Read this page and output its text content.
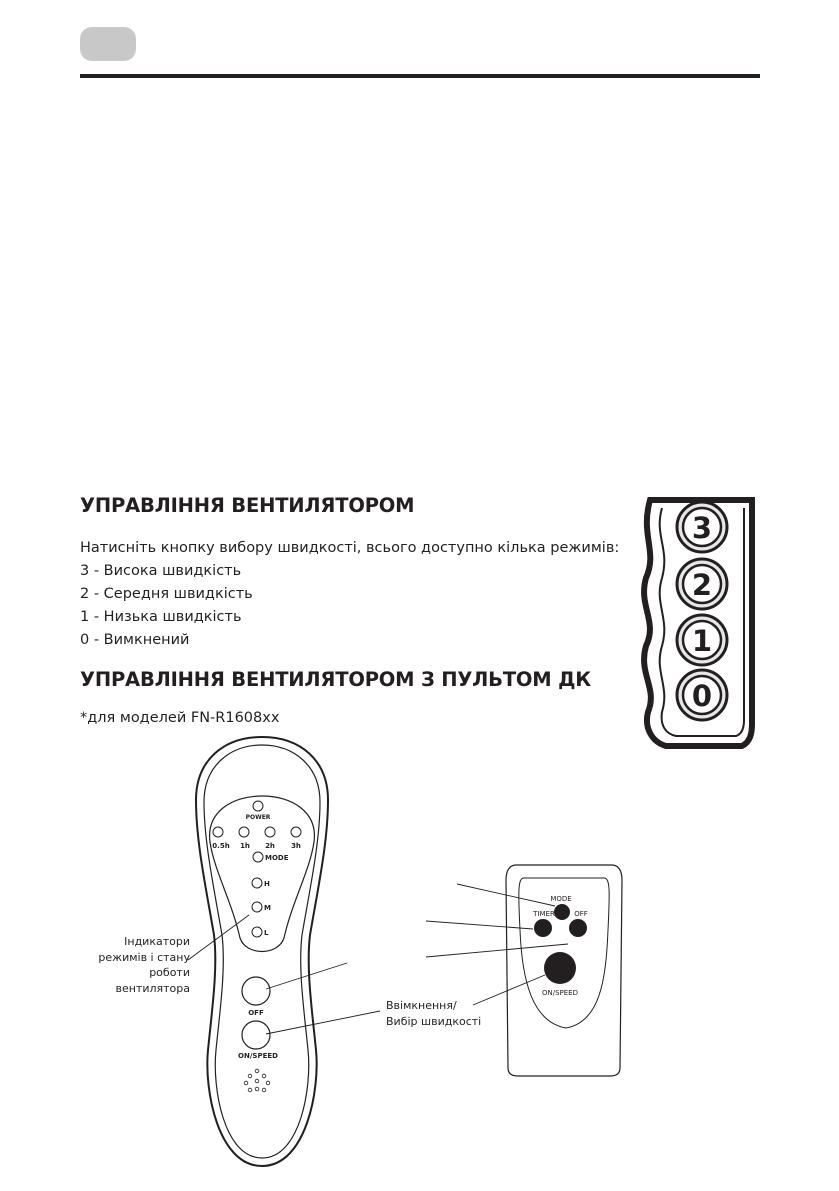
УПРАВЛІННЯ ВЕНТИЛЯТОРОМ

Натисніть кнопку вибору швидкості, всього доступно кілька режимів:

3 - Висока швидкість
2 - Середня швидкість
1 - Низька швидкість
0 - Вимкнений
УПРАВЛІННЯ ВЕНТИЛЯТОРОМ З ПУЛЬТОМ ДК

*для моделей FN-R1608xx

3
2
1
0
POWER
0.5h 1h 2h 3h
MODE
H
M
L
OFF
ON/SPEED
MODE
TIMER	OFF
ON/SPEED
Індикатори
режимів і стану
роботи
вентилятора
Ввімкнення/
Вибір швидкості
